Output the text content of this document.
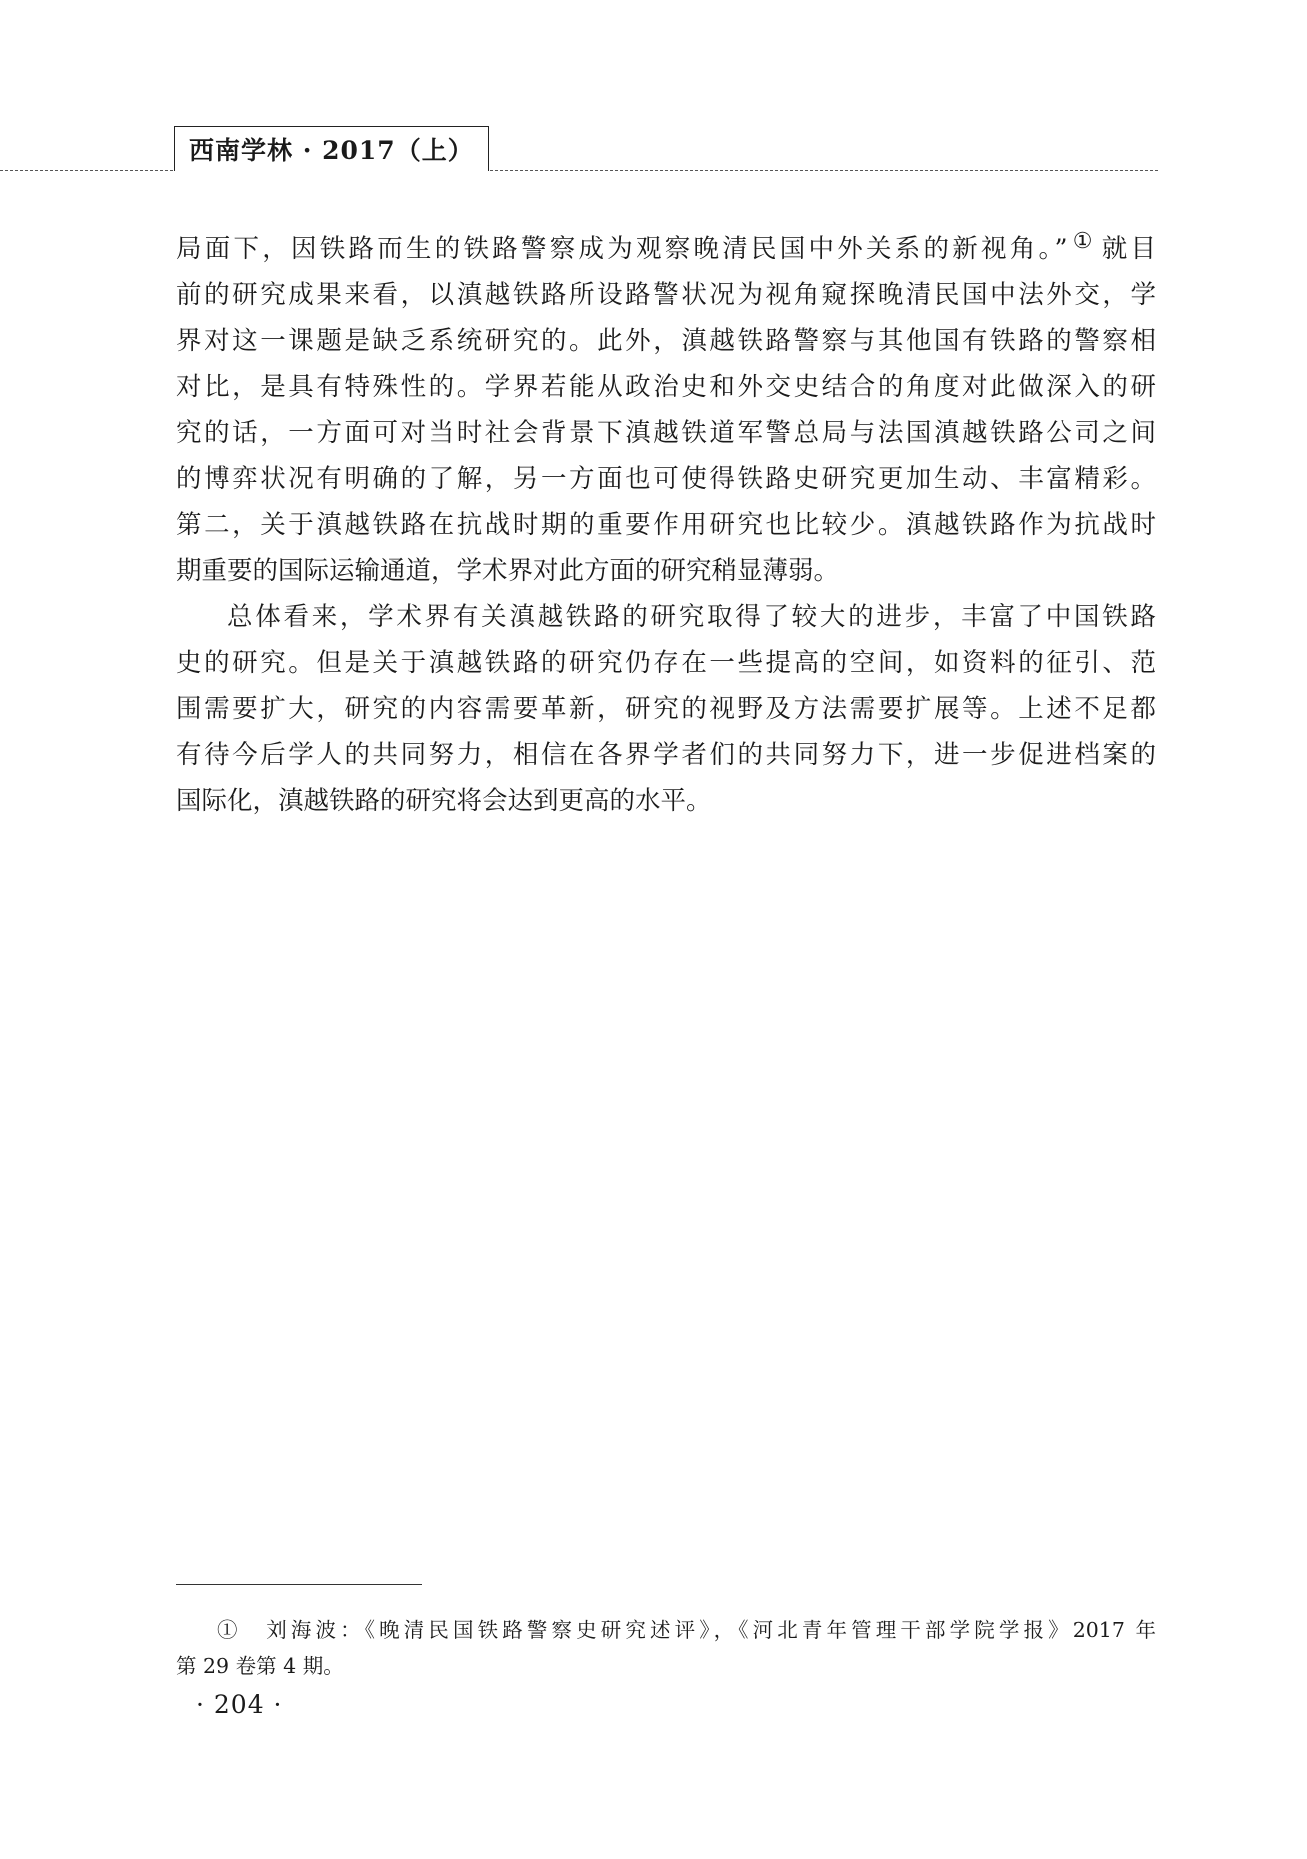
西南学林 · 2017（上）

局面下，因铁路而生的铁路警察成为观察晚清民国中外关系的新视角。”① 就目
前的研究成果来看，以滇越铁路所设路警状况为视角窥探晚清民国中法外交，学
界对这一课题是缺乏系统研究的。此外，滇越铁路警察与其他国有铁路的警察相
对比，是具有特殊性的。学界若能从政治史和外交史结合的角度对此做深入的研
究的话，一方面可对当时社会背景下滇越铁道军警总局与法国滇越铁路公司之间
的博弈状况有明确的了解，另一方面也可使得铁路史研究更加生动、丰富精彩。
第二，关于滇越铁路在抗战时期的重要作用研究也比较少。滇越铁路作为抗战时
期重要的国际运输通道，学术界对此方面的研究稍显薄弱。

总体看来，学术界有关滇越铁路的研究取得了较大的进步，丰富了中国铁路
史的研究。但是关于滇越铁路的研究仍存在一些提高的空间，如资料的征引、范
围需要扩大，研究的内容需要革新，研究的视野及方法需要扩展等。上述不足都
有待今后学人的共同努力，相信在各界学者们的共同努力下，进一步促进档案的
国际化，滇越铁路的研究将会达到更高的水平。

①  刘海波：《晚清民国铁路警察史研究述评》，《河北青年管理干部学院学报》2017 年
第 29 卷第 4 期。
· 204 ·
